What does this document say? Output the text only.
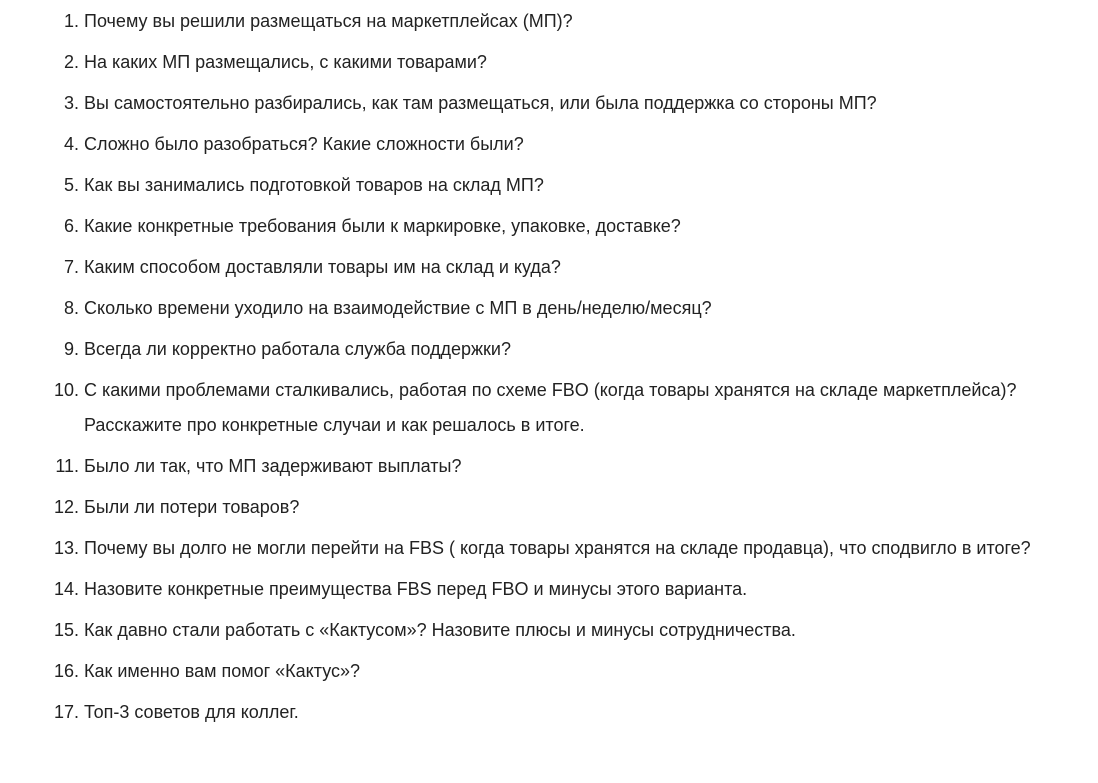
1. Почему вы решили размещаться на маркетплейсах (МП)?
2. На каких МП размещались, с какими товарами?
3. Вы самостоятельно разбирались, как там размещаться, или была поддержка со стороны МП?
4. Сложно было разобраться? Какие сложности были?
5. Как вы занимались подготовкой товаров на склад МП?
6. Какие конкретные требования были к маркировке, упаковке, доставке?
7. Каким способом доставляли товары им на склад и куда?
8. Сколько времени уходило на взаимодействие с МП в день/неделю/месяц?
9. Всегда ли корректно работала служба поддержки?
10. С какими проблемами сталкивались, работая по схеме FBO (когда товары хранятся на складе маркетплейса)? Расскажите про конкретные случаи и как решалось в итоге.
11. Было ли так, что МП задерживают выплаты?
12. Были ли потери товаров?
13. Почему вы долго не могли перейти на FBS ( когда товары хранятся на складе продавца), что сподвигло в итоге?
14. Назовите конкретные преимущества FBS перед FBO и минусы этого варианта.
15. Как давно стали работать с «Кактусом»? Назовите плюсы и минусы сотрудничества.
16. Как именно вам помог «Кактус»?
17. Топ-3 советов для коллег.
